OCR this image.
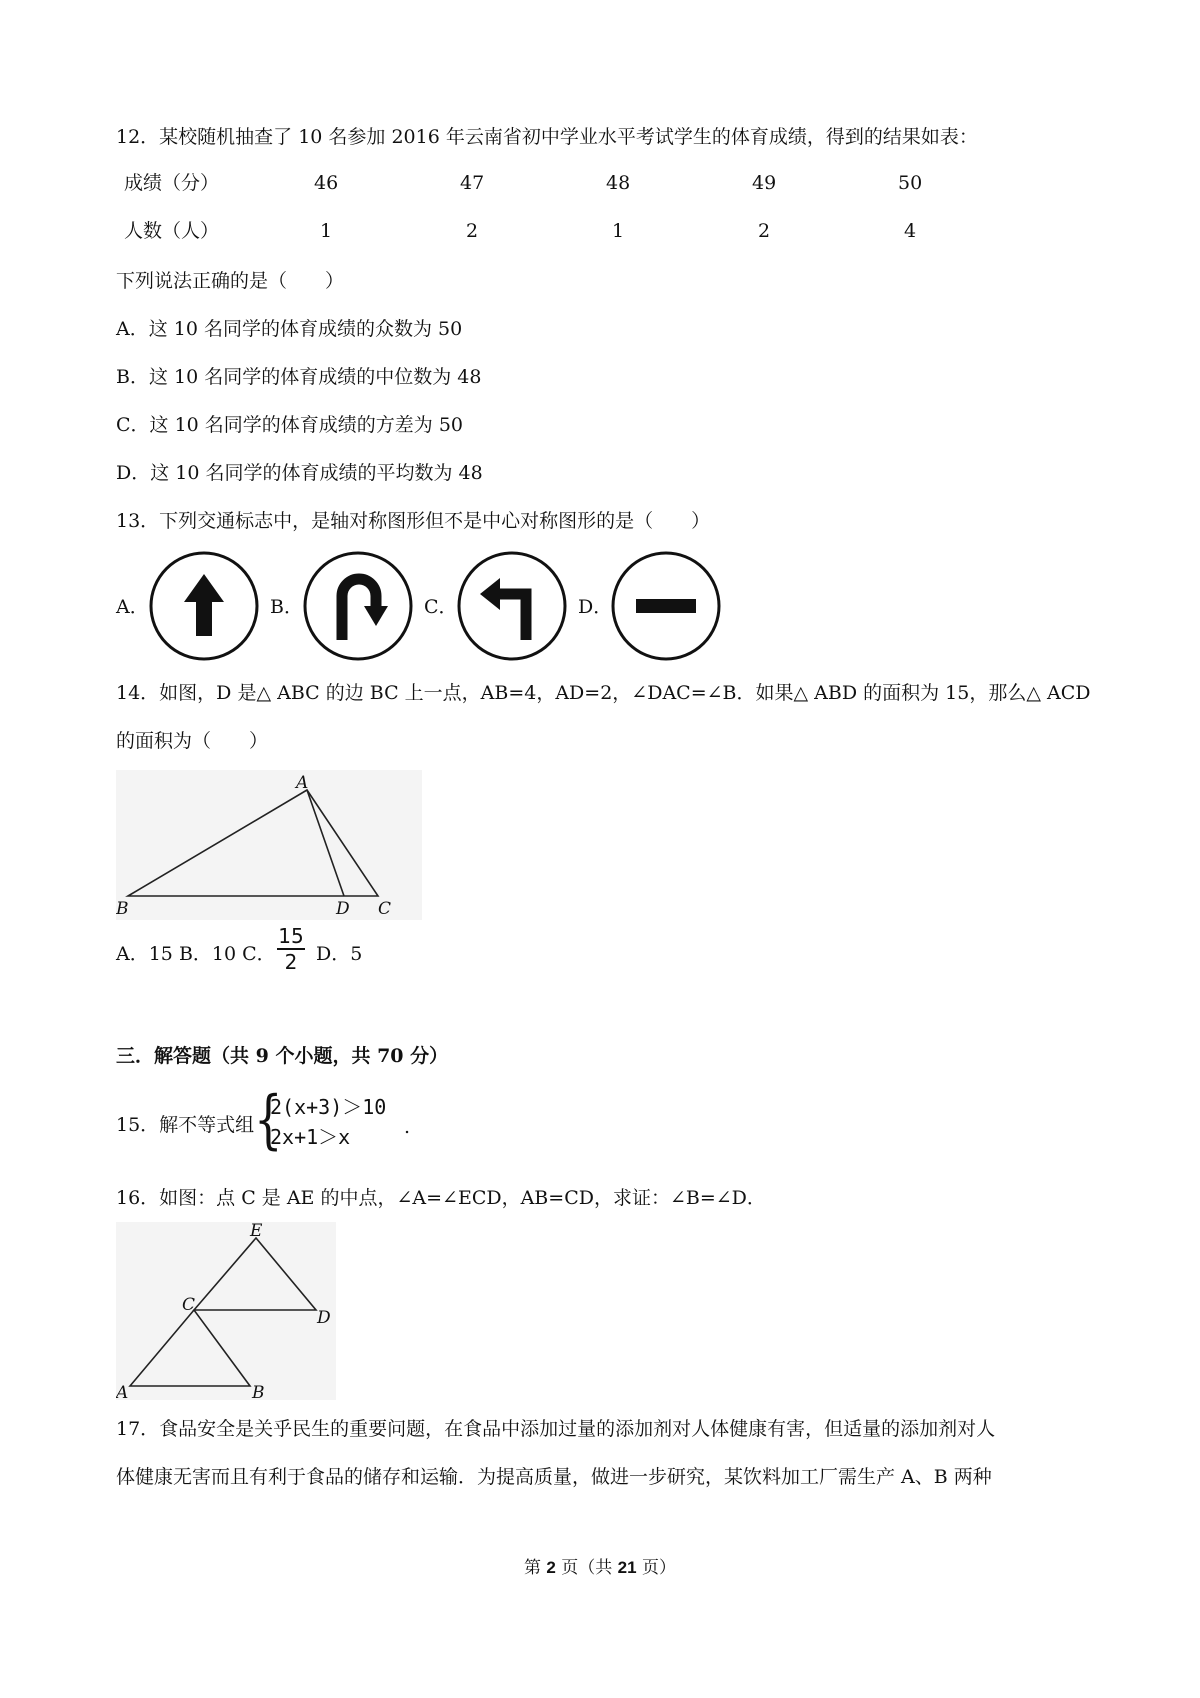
12．某校随机抽查了 10 名参加 2016 年云南省初中学业水平考试学生的体育成绩，得到的结果如表：
成绩（分）	46	47	48	49	50
人数（人）	1	2	1	2	4
下列说法正确的是（　　）
A．这 10 名同学的体育成绩的众数为 50
B．这 10 名同学的体育成绩的中位数为 48
C．这 10 名同学的体育成绩的方差为 50
D．这 10 名同学的体育成绩的平均数为 48
13．下列交通标志中，是轴对称图形但不是中心对称图形的是（　　）
A．	B．	C．	D．
14．如图，D 是△ ABC 的边 BC 上一点，AB=4，AD=2，∠DAC=∠B．如果△ ABD 的面积为 15，那么△ ACD
的面积为（　　）
A
B	D C
A．15 B．10 C．
15
2 D．5
三．解答题（共 9 个小题，共 70 分）
15．解不等式组 {
2(x+3)＞10
2x+1＞x	.
16．如图：点 C 是 AE 的中点，∠A=∠ECD，AB=CD，求证：∠B=∠D．
E
C
D
A	B
17．食品安全是关乎民生的重要问题，在食品中添加过量的添加剂对人体健康有害，但适量的添加剂对人
体健康无害而且有利于食品的储存和运输．为提高质量，做进一步研究，某饮料加工厂需生产 A、B 两种
第 2 页（共 21 页）
